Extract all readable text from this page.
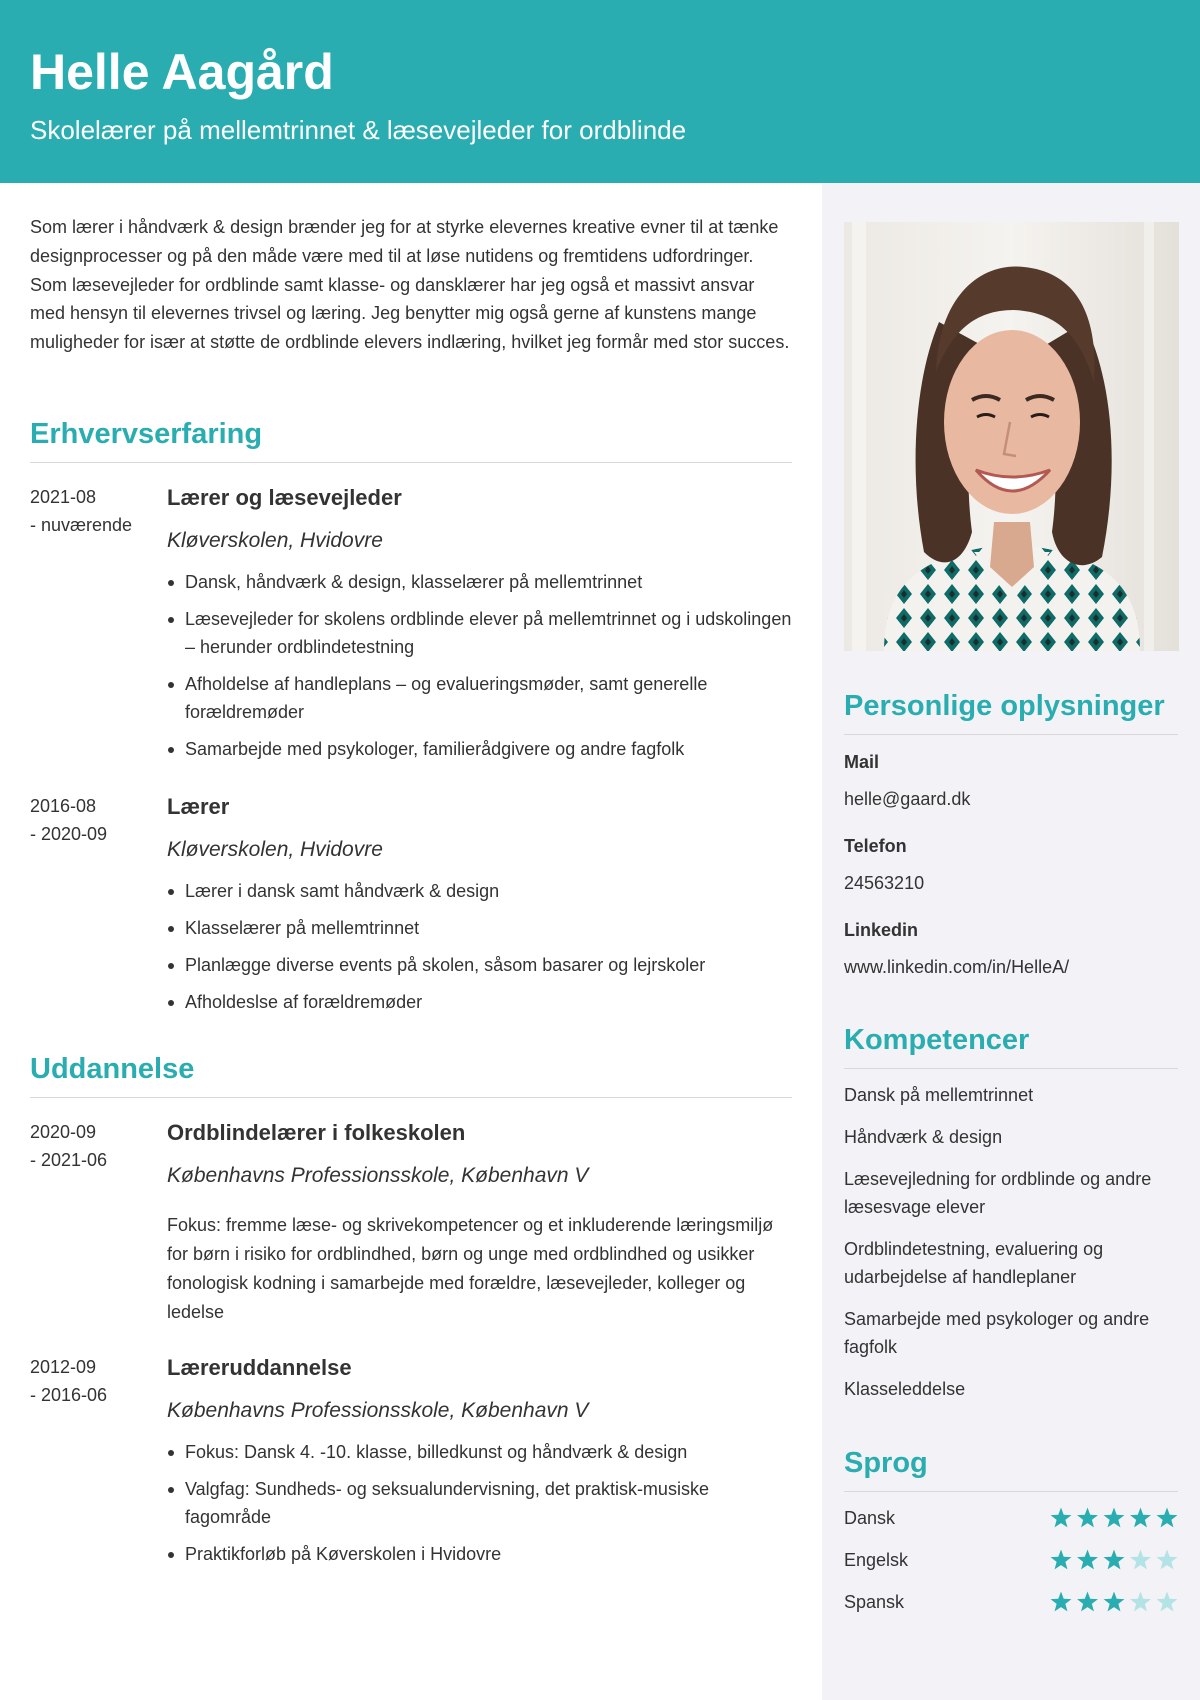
Helle Aagård
Skolelærer på mellemtrinnet & læsevejleder for ordblinde
Personlige oplysninger
Mail
helle@gaard.dk
Telefon
24563210
Linkedin
www.linkedin.com/in/HelleA/
Kompetencer
Dansk på mellemtrinnet
Håndværk & design
Læsevejledning for ordblinde og andre læsesvage elever
Ordblindetestning, evaluering og udarbejdelse af handleplaner
Samarbejde med psykologer og andre fagfolk
Klasseleddelse
Sprog
Dansk
Engelsk
Spansk

Som lærer i håndværk & design brænder jeg for at styrke elevernes kreative evner til at tænke designprocesser og på den måde være med til at løse nutidens og fremtidens udfordringer. Som læsevejleder for ordblinde samt klasse- og dansklærer har jeg også et massivt ansvar med hensyn til elevernes trivsel og læring. Jeg benytter mig også gerne af kunstens mange muligheder for især at støtte de ordblinde elevers indlæring, hvilket jeg formår med stor succes.

Erhvervserfaring
2021-08
- nuværende
Lærer og læsevejleder
Kløverskolen, Hvidovre
Dansk, håndværk & design, klasselærer på mellemtrinnet
Læsevejleder for skolens ordblinde elever på mellemtrinnet og i udskolingen – herunder ordblindetestning
Afholdelse af handleplans – og evalueringsmøder, samt generelle forældremøder
Samarbejde med psykologer, familierådgivere og andre fagfolk
2016-08
- 2020-09
Lærer
Kløverskolen, Hvidovre
Lærer i dansk samt håndværk & design
Klasselærer på mellemtrinnet
Planlægge diverse events på skolen, såsom basarer og lejrskoler
Afholdeslse af forældremøder
Uddannelse
2020-09
- 2021-06
Ordblindelærer i folkeskolen
Københavns Professionsskole, København V
Fokus: fremme læse- og skrivekompetencer og et inkluderende læringsmiljø for børn i risiko for ordblindhed, børn og unge med ordblindhed og usikker fonologisk kodning i samarbejde med forældre, læsevejleder, kolleger og ledelse
2012-09
- 2016-06
Læreruddannelse
Københavns Professionsskole, København V
Fokus: Dansk 4. -10. klasse, billedkunst og håndværk & design
Valgfag: Sundheds- og seksualundervisning, det praktisk-musiske fagområde
Praktikforløb på Køverskolen i Hvidovre
